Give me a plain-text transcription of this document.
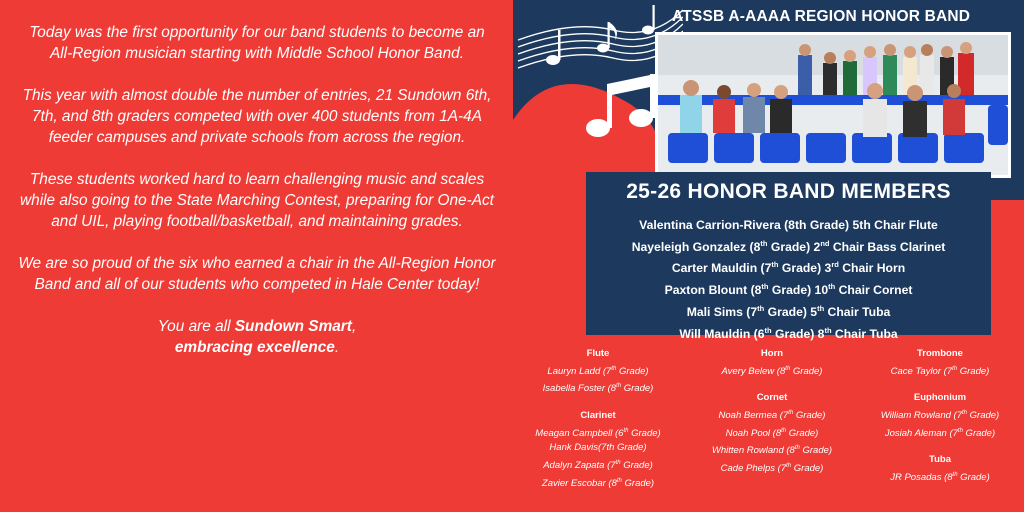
Today was the first opportunity for our band students to become an All-Region musician starting with Middle School Honor Band.

This year with almost double the number of entries, 21 Sundown 6th, 7th, and 8th graders competed with over 400 students from 1A-4A feeder campuses and private schools from across the region.

These students worked hard to learn challenging music and scales while also going to the State Marching Contest, preparing for One-Act and UIL, playing football/basketball, and maintaining grades.

We are so proud of the six who earned a chair in the All-Region Honor Band and all of our students who competed in Hale Center today!

You are all Sundown Smart,
embracing excellence.

ATSSB A-AAAA REGION HONOR BAND
25-26 HONOR BAND MEMBERS
Valentina Carrion-Rivera (8th Grade) 5th Chair Flute
Nayeleigh Gonzalez (8th Grade) 2nd Chair Bass Clarinet
Carter Mauldin (7th Grade) 3rd Chair Horn
Paxton Blount (8th Grade) 10th Chair Cornet
Mali Sims (7th Grade) 5th Chair Tuba
Will Mauldin (6th Grade) 8th Chair Tuba
Flute
Lauryn Ladd (7th Grade)
Isabella Foster (8th Grade)
Clarinet
Meagan Campbell (6th Grade)
Hank Davis(7th Grade)
Adalyn Zapata (7th Grade)
Zavier Escobar (8th Grade)
Horn
Avery Belew (8th Grade)
Cornet
Noah Bermea (7th Grade)
Noah Pool (8th Grade)
Whitten Rowland (8th Grade)
Cade Phelps (7th Grade)
Trombone
Cace Taylor (7th Grade)
Euphonium
William Rowland (7th Grade)
Josiah Aleman (7th Grade)
Tuba
JR Posadas (8th Grade)
